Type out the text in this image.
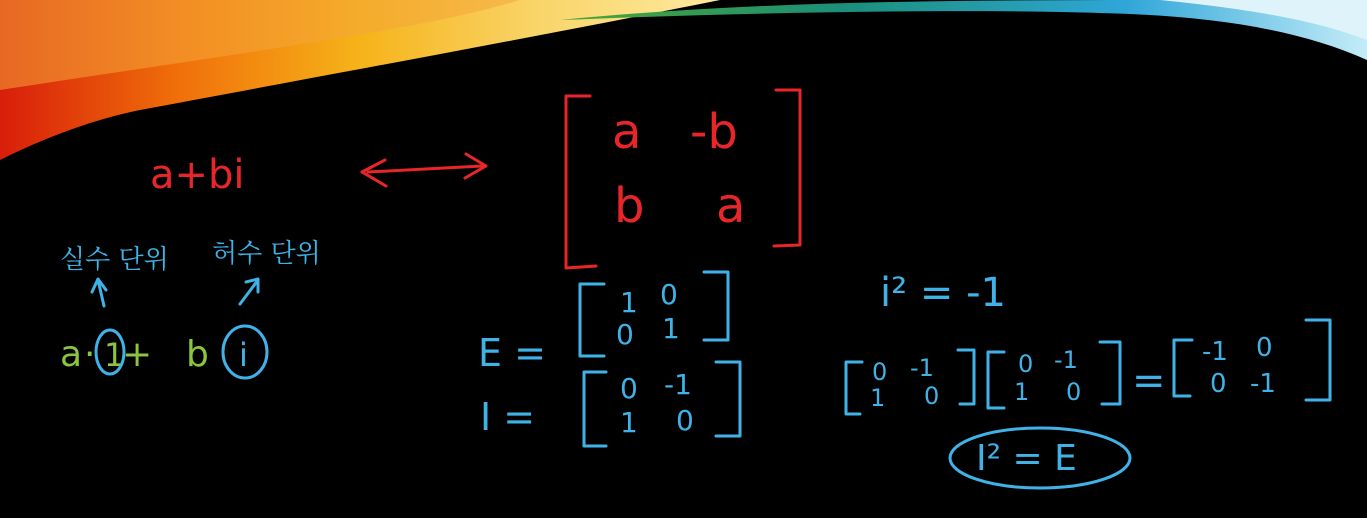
a+bi
a -b
b a
실수 단위 허수 단위
a · 1
+ b i	E =
1 0
0 1
I =
0 -1
1 0
i² = -1
0 -1
1 0
0 -1
1 0 =
-1 0
0 -1
I² = E
